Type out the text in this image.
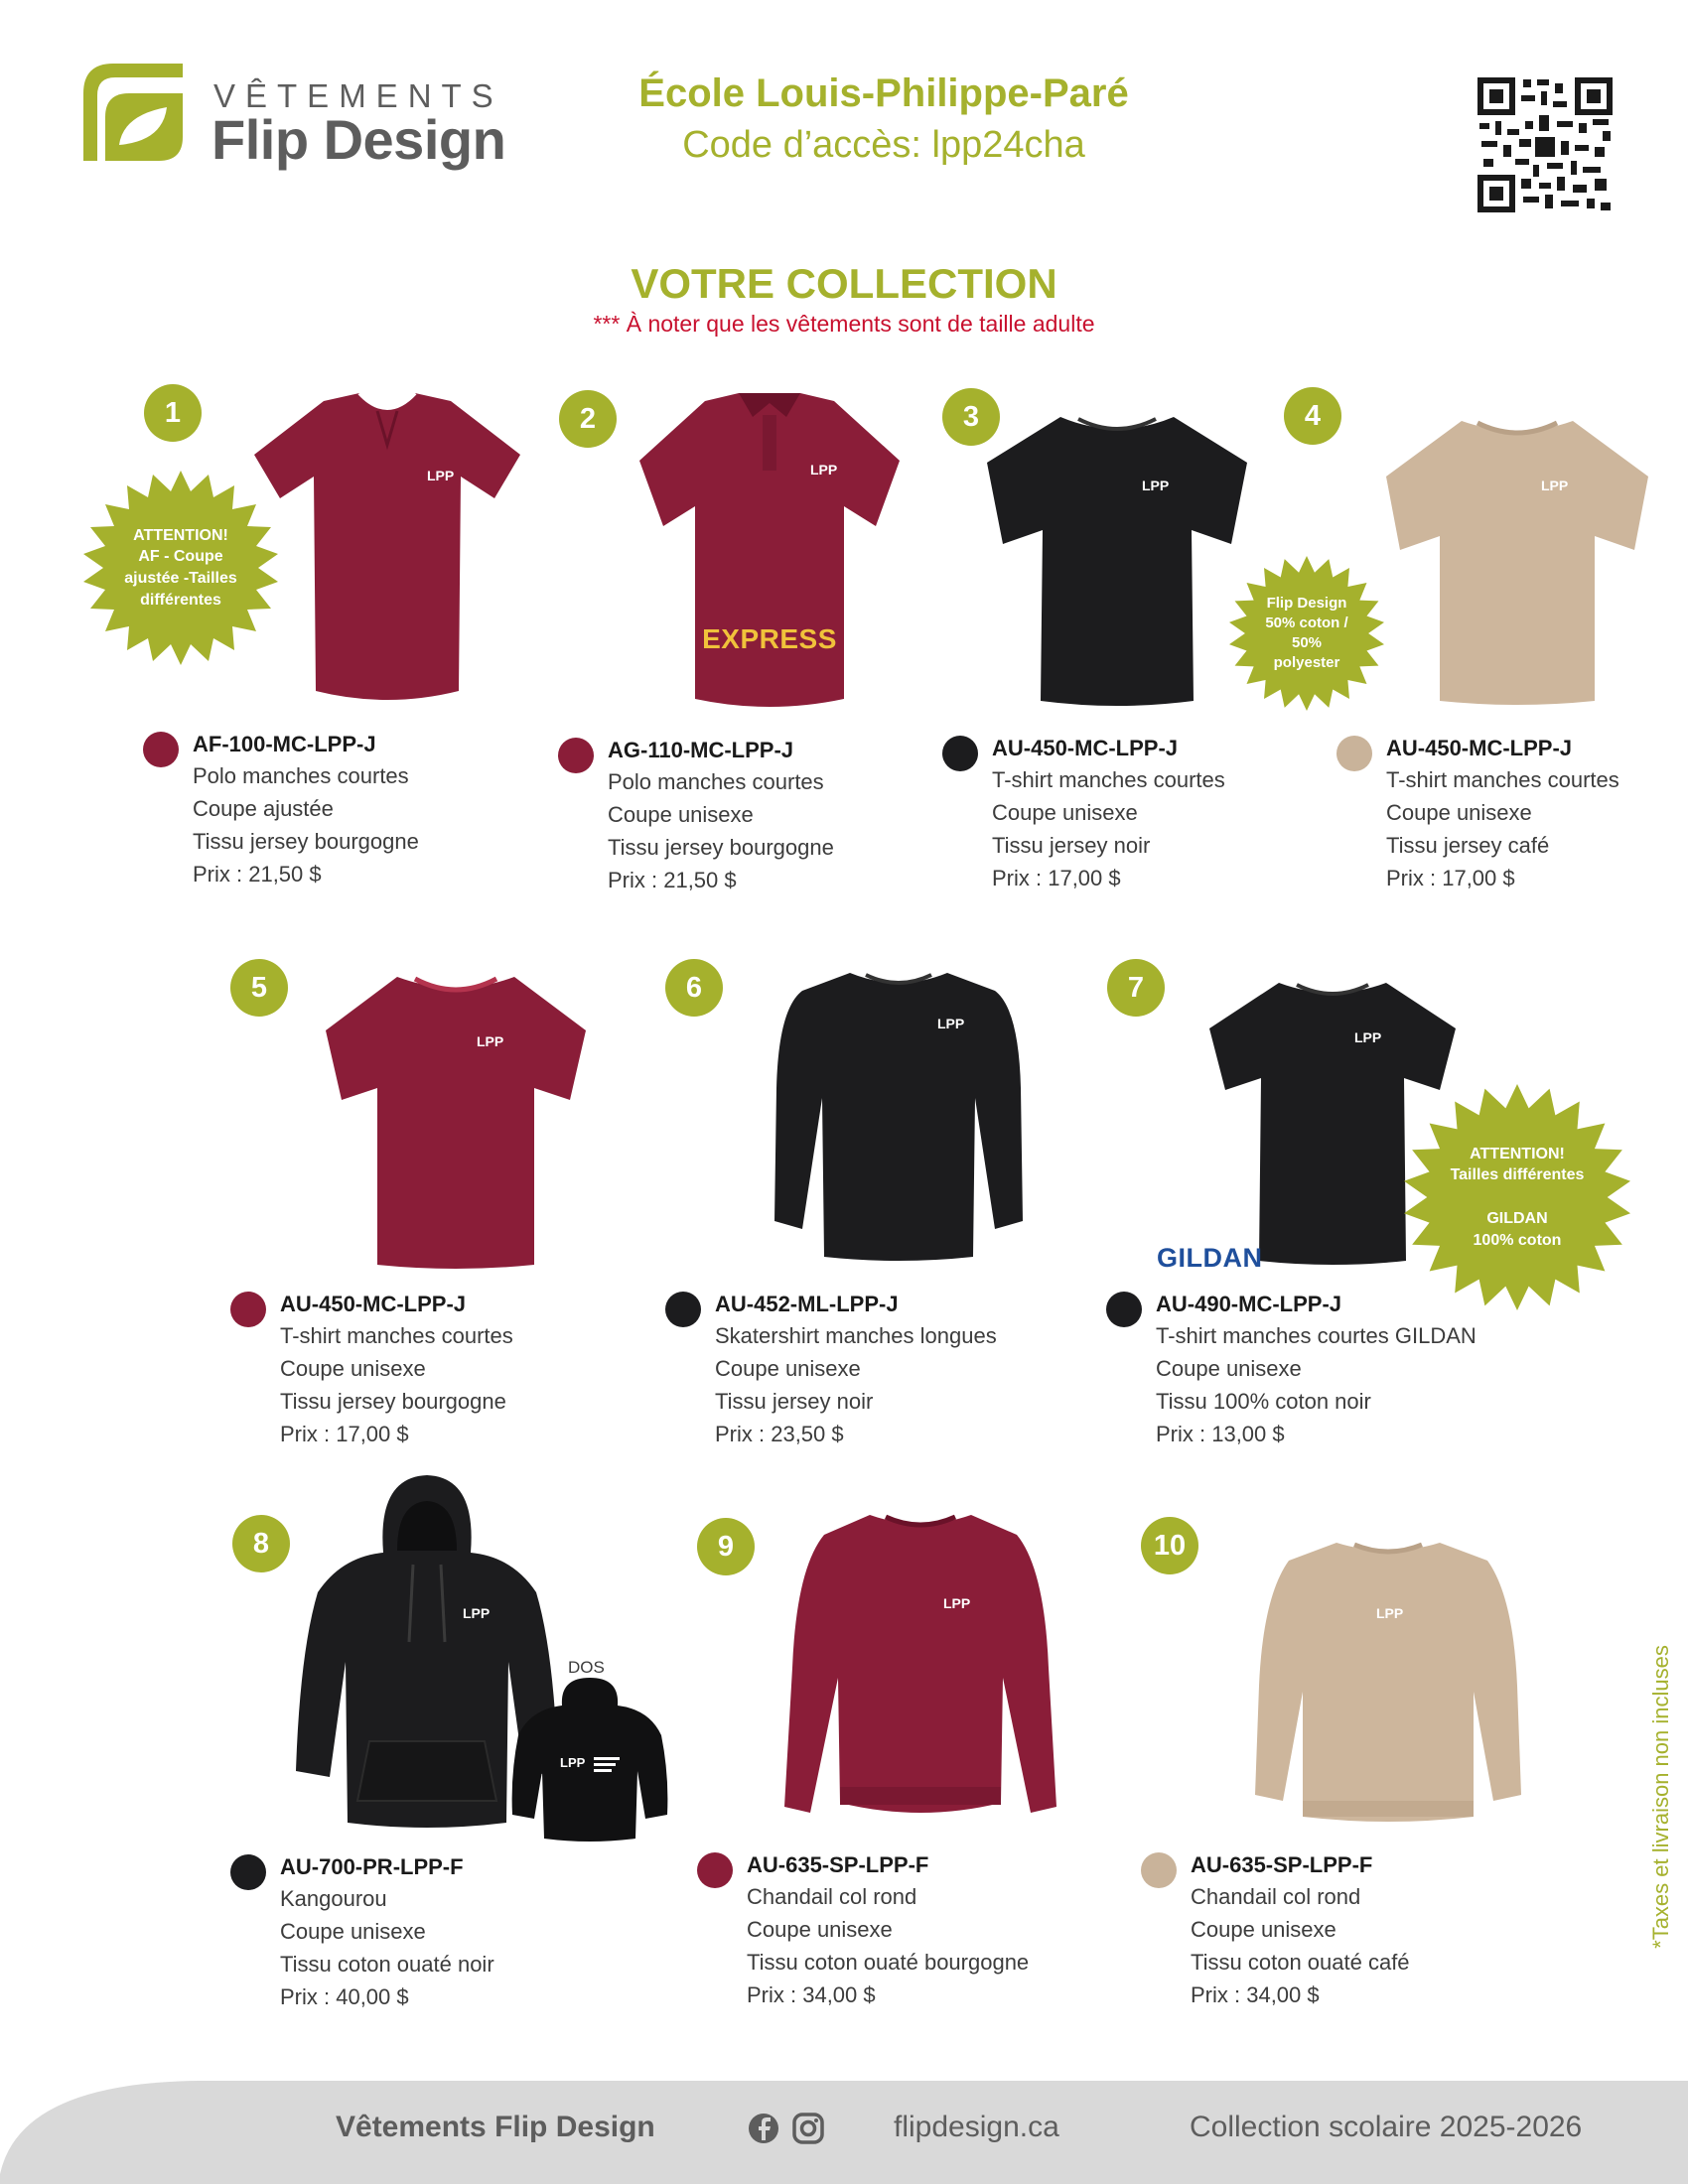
VÊTEMENTS
Flip Design
École Louis-Philippe-Paré
Code d’accès: lpp24cha
VOTRE COLLECTION
*** À noter que les vêtements sont de taille adulte
LPP	LPP
LPP	LPP
1	2	3	4
ATTENTION!
AF - Coupe
ajustée -Tailles
différentes	Flip Design
50% coton /
50%
polyester
EXPRESS
AF-100-MC-LPP-J
Polo manches courtes
Coupe ajustée
Tissu jersey bourgogne
Prix : 21,50 $
AG-110-MC-LPP-J
Polo manches courtes
Coupe unisexe
Tissu jersey bourgogne
Prix : 21,50 $
AU-450-MC-LPP-J
T-shirt manches courtes
Coupe unisexe
Tissu jersey noir
Prix : 17,00 $
AU-450-MC-LPP-J
T-shirt manches courtes
Coupe unisexe
Tissu jersey café
Prix : 17,00 $
LPP
LPP
LPP
5	6	7
GILDAN
ATTENTION!
Tailles différentes
GILDAN
100% coton
AU-450-MC-LPP-J
T-shirt manches courtes
Coupe unisexe
Tissu jersey bourgogne
Prix : 17,00 $
AU-452-ML-LPP-J
Skatershirt manches longues
Coupe unisexe
Tissu jersey noir
Prix : 23,50 $
AU-490-MC-LPP-J
T-shirt manches courtes GILDAN
Coupe unisexe
Tissu 100% coton noir
Prix : 13,00 $
LPP
LPP
DOS
LPP
LPP
8	9	10
AU-700-PR-LPP-F
Kangourou
Coupe unisexe
Tissu coton ouaté noir
Prix : 40,00 $
AU-635-SP-LPP-F
Chandail col rond
Coupe unisexe
Tissu coton ouaté bourgogne
Prix : 34,00 $
AU-635-SP-LPP-F
Chandail col rond
Coupe unisexe
Tissu coton ouaté café
Prix : 34,00 $
*Taxes et livraison non incluses
Vêtements Flip Design	flipdesign.ca	Collection scolaire 2025-2026
